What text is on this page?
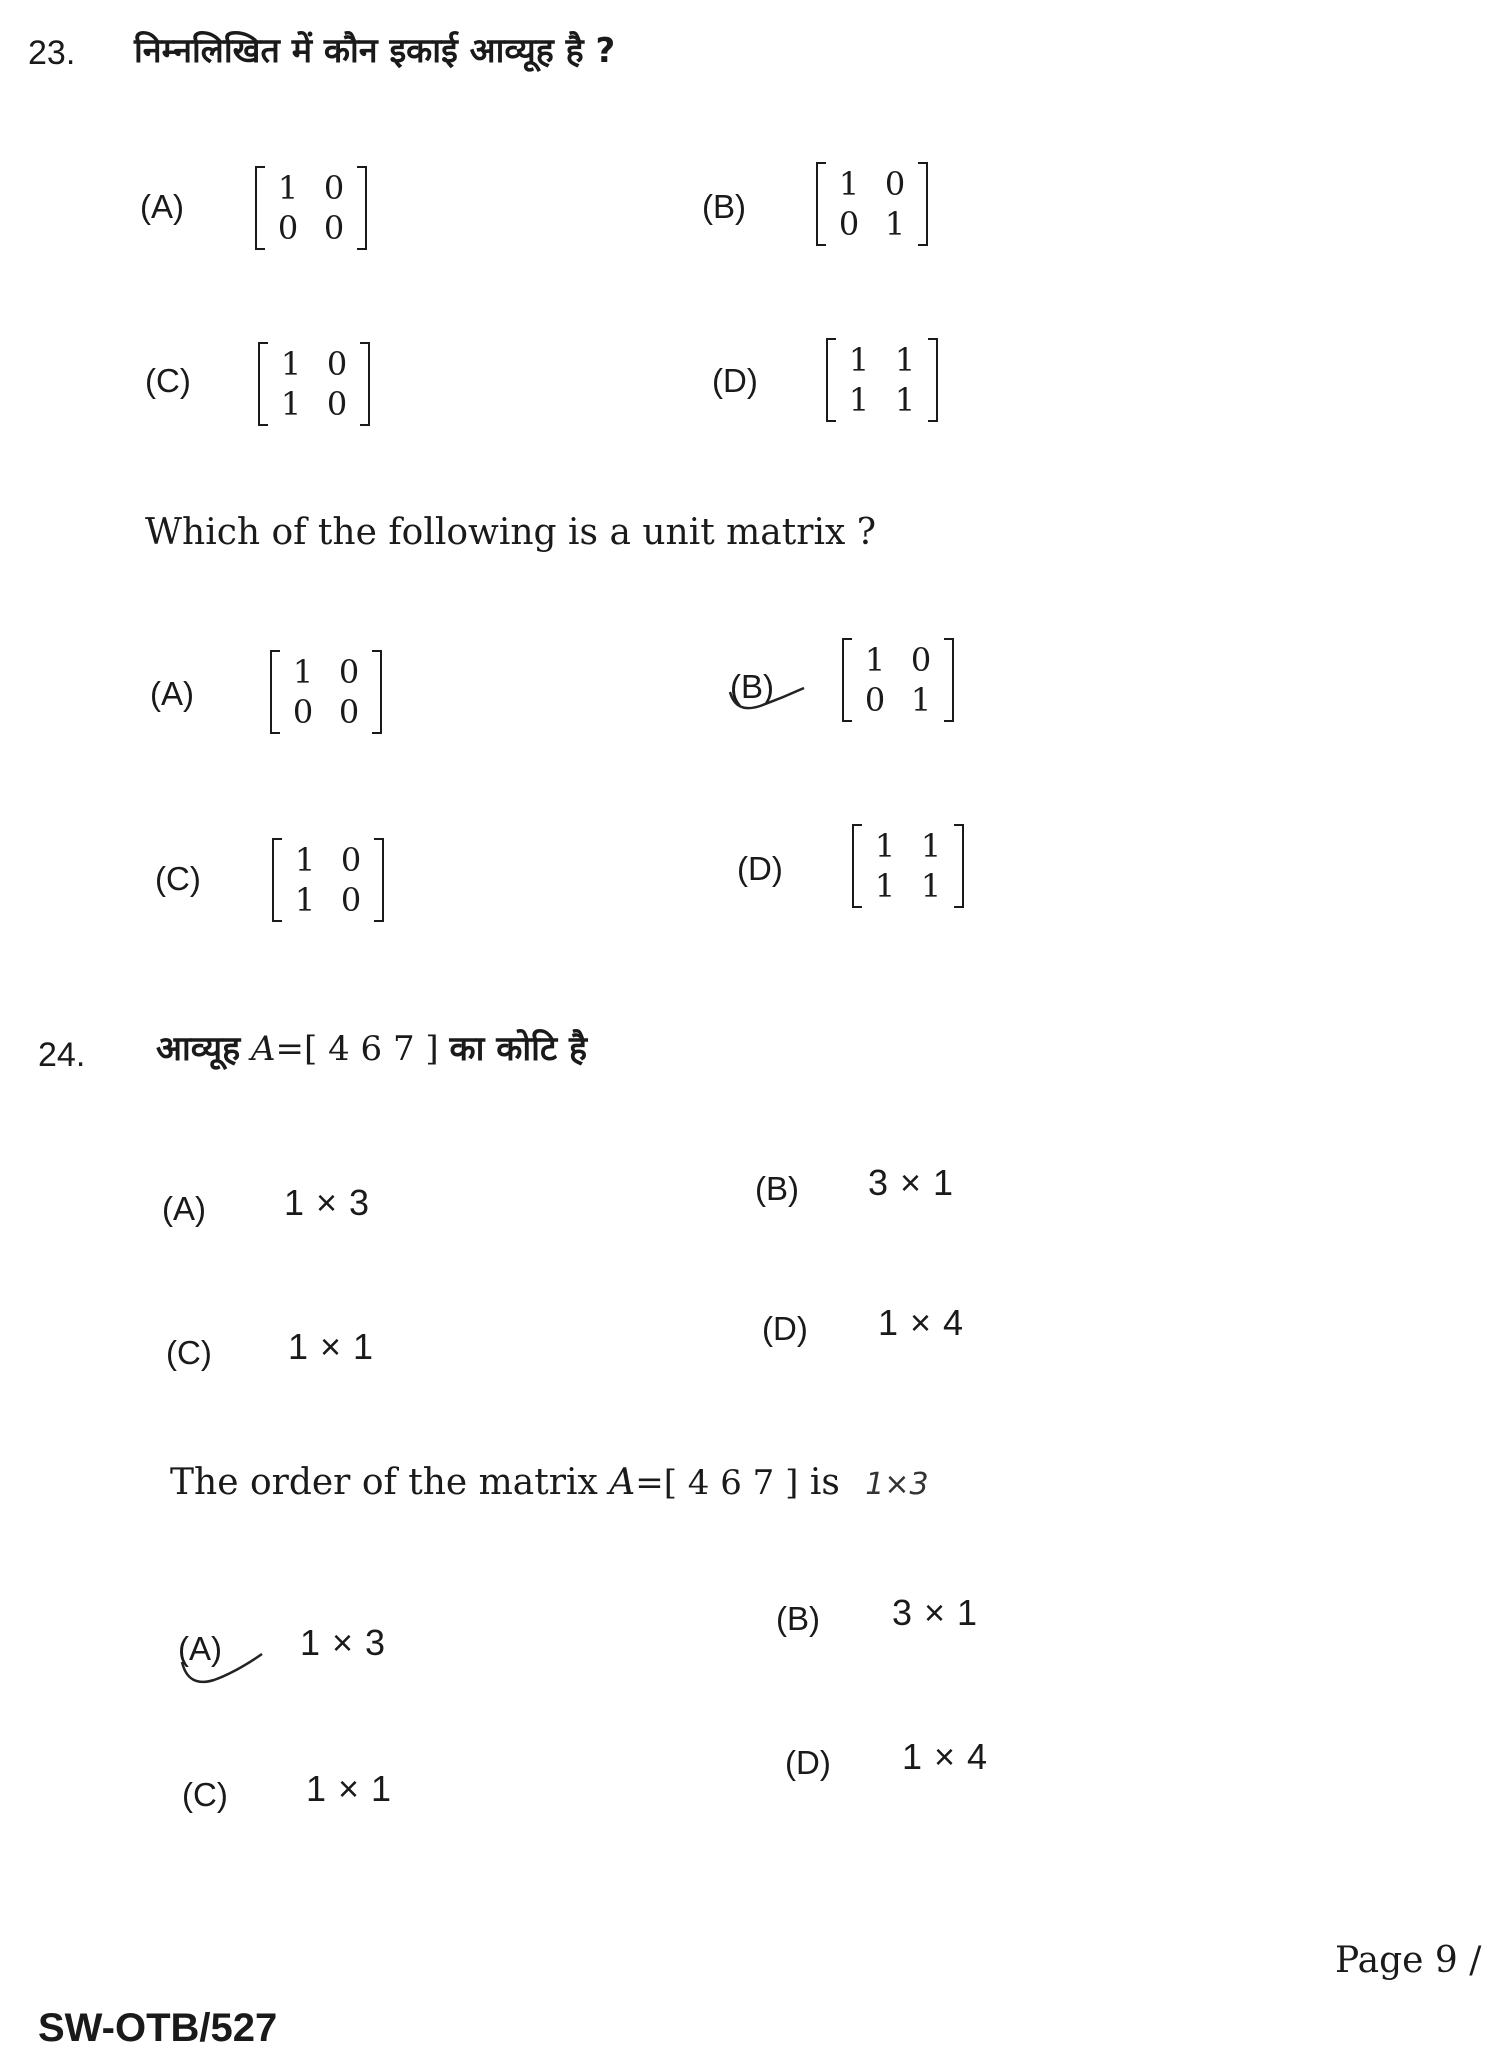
23. निम्नलिखित में कौन इकाई आव्यूह है ?
(A)	1 0
0 0
(B)
1 0
0 1
(C)	1 0
1 0
(D)
1 1
1 1
Which of the following is a unit matrix ?
(A)
1 0
0 0
(B)
1 0
0 1
(C)	1 0
1 0
(D)
1 1
1 1
24. आव्यूह A=[ 4 6 7 ] का कोटि है
(A) 1 × 3	(B) 3 × 1
(C) 1 × 1	(D) 1 × 4
The order of the matrix A=[ 4 6 7 ] is 1×3
(A) 1 × 3
(B) 3 × 1
(C) 1 × 1
(D) 1 × 4
Page 9 /
SW-OTB/527
